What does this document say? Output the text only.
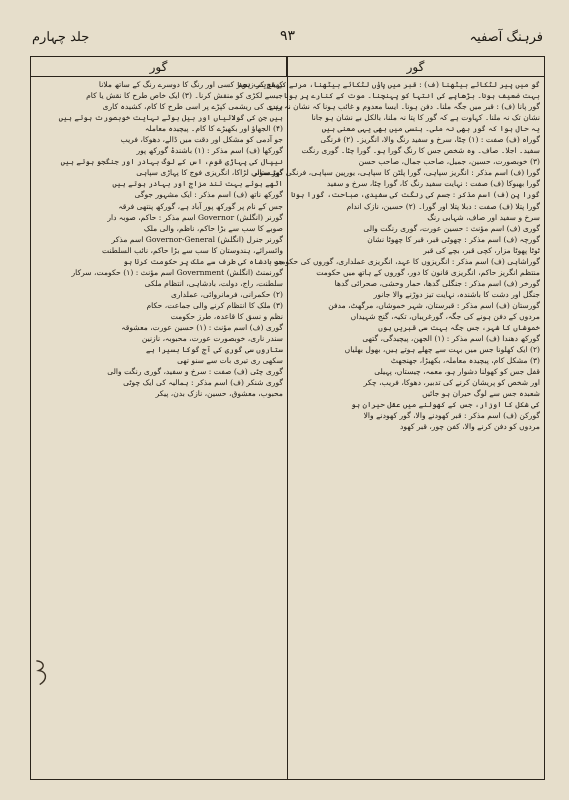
فرہنگ آصفیہ
۹۳
جلد چہارم
گور
گور
گو میں پیر لٹکائے بیٹھنا (ف) : قبر میں پاؤں لٹکائے بیٹھنا، مرنے کے قریب ہونا
بہت ضعیف ہونا۔ بڑھاپے کی انتہا کو پہنچنا۔ موت کے کنارے پر ہونا
گور پانا (ف) : قبر میں جگہ ملنا۔ دفن ہونا۔ ایسا معدوم و غائب ہونا کہ نشان نہ رہے
نشان تک نہ ملنا۔ کہاوت ہے کہ گور کا پتا نہ ملنا، بالکل بے نشان ہو جانا
یہ حال ہوا کہ گور بھی نہ ملی۔ ہنسی میں بھی یہی معنی ہیں
گوراہ (ف) صفت : (۱) چٹا، سرخ و سفید رنگ والا، انگریز۔ (۲) فرنگی
سفید۔ اجلا۔ صاف۔ وہ شخص جس کا رنگ گورا ہو۔ گورا چٹا۔ گوری رنگت
(۳) خوبصورت، حسین، جمیل، صاحب جمال، صاحب حسن
گورا (ف) اسم مذکر : انگریز سپاہی، گورا پلٹن کا سپاہی، یورپین سپاہی، فرنگی گھڑ سوار
گورا بھبوکا (ف) صفت : نہایت سفید رنگ کا، گورا چٹا، سرخ و سفید
گورا پن (ف) اسم مذکر : جسم کی رنگت کی سفیدی، صباحت، گورا ہونا
گورا پتلا (ف) صفت : دبلا پتلا اور گورا۔ (۲) حسین، نازک اندام
سرخ و سفید اور صاف، شہابی رنگ
گوری (ف) اسم مؤنث : حسین عورت، گوری رنگت والی
گورچہ (ف) اسم مذکر : چھوٹی قبر، قبر کا چھوٹا نشان
ٹوٹا پھوٹا مزار، کچی قبر، بچے کی قبر
گوراشاہی (ف) اسم مذکر : انگریزوں کا عہد، انگریزی عملداری، گوروں کی حکومت
منتظم انگریز حاکم، انگریزی قانون کا دور، گوروں کے ہاتھ میں حکومت
گورخر (ف) اسم مذکر : جنگلی گدھا، حمار وحشی، صحرائی گدھا
جنگل اور دشت کا باشندہ، نہایت تیز دوڑنے والا جانور
گورستان (ف) اسم مذکر : قبرستان، شہر خموشاں، مرگھٹ، مدفن
مردوں کے دفن ہونے کی جگہ، گورغریباں، تکیہ، گنج شہیداں
خموشاں کا شہر، جس جگہ بہت سی قبریں ہوں
گورکھ دھندا (ف) اسم مذکر : (۱) الجھن، پیچیدگی، گتھی
(۲) ایک کھلونا جس میں بہت سے چھلے ہوتے ہیں، بھول بھلیاں
(۳) مشکل کام، پیچیدہ معاملہ، بکھیڑا، جھنجھٹ
قفل جس کو کھولنا دشوار ہو، معمہ، چیستاں، پہیلی
اور شخص کو پریشان کرنے کی تدبیر، دھوکا، فریب، چکر
شعبدہ جس سے لوگ حیران ہو جائیں
کی شکل کا اوزار، جس کے کھولنے میں عقل حیران ہو
گورکن (ف) اسم مذکر : قبر کھودنے والا، گور کھودنے والا
مردوں کو دفن کرنے والا، کفن چور، قبر کھود
کھینچ کر زنجیر کسی اور رنگ کا دوسرے رنگ کے ساتھ ملانا
جیسے لکڑی کو منقش کرنا۔ (۳) ایک خاص طرح کا نقش یا کام
ہندی کی ریشمی کپڑے پر اسی طرح کا کام، کشیدہ کاری
ہیں جن کی گولائیاں اور بیل بوٹے نہایت خوبصورت ہوتے ہیں
(۴) الجھاؤ اور بکھیڑے کا کام۔ پیچیدہ معاملہ
جو آدمی کو مشکل اور دقت میں ڈالے، دھوکا، فریب
گورکھا (ف) اسم مذکر : (۱) باشندۂ گورکھ پور
نیپال کی پہاڑی قوم، اس کے لوگ بہادر اور جنگجو ہوتے ہیں
کوہستانی لڑاکا، انگریزی فوج کا پہاڑی سپاہی
اٹھے ہوئے بہت تند مزاج اور بہادر ہوتے ہیں
گورکھ ناتھ (ف) اسم مذکر : ایک مشہور جوگی
جس کے نام پر گورکھ پور آباد ہے، گورکھ پنتھی فرقہ
گورنر (انگلش) Governor اسم مذکر : حاکم، صوبہ دار
صوبے کا سب سے بڑا حاکم، ناظم، والی ملک
گورنر جنرل (انگلش) Governor-General اسم مذکر
وائسرائے، ہندوستان کا سب سے بڑا حاکم، نائب السلطنت
جو بادشاہ کی طرف سے ملک پر حکومت کرتا ہو
گورنمنٹ (انگلش) Government اسم مؤنث : (۱) حکومت، سرکار
سلطنت، راج، دولت، بادشاہی، انتظام ملکی
(۲) حکمرانی، فرمانروائی، عملداری
(۳) ملک کا انتظام کرنے والی جماعت، حکام
نظم و نسق کا قاعدہ، طرز حکومت
گوری (ف) اسم مؤنث : (۱) حسین عورت، معشوقہ
سندر ناری، خوبصورت عورت، محبوبہ، نازنین
ستاروں سی گوری کی آج گوکا بسیرا ہے
سکھی ری تیری بات سے سنو تھی
گوری چٹی (ف) صفت : سرخ و سفید، گوری رنگت والی
گوری شنکر (ف) اسم مذکر : ہمالیہ کی ایک چوٹی
محبوب، معشوق، حسین، نازک بدن، پیکر
